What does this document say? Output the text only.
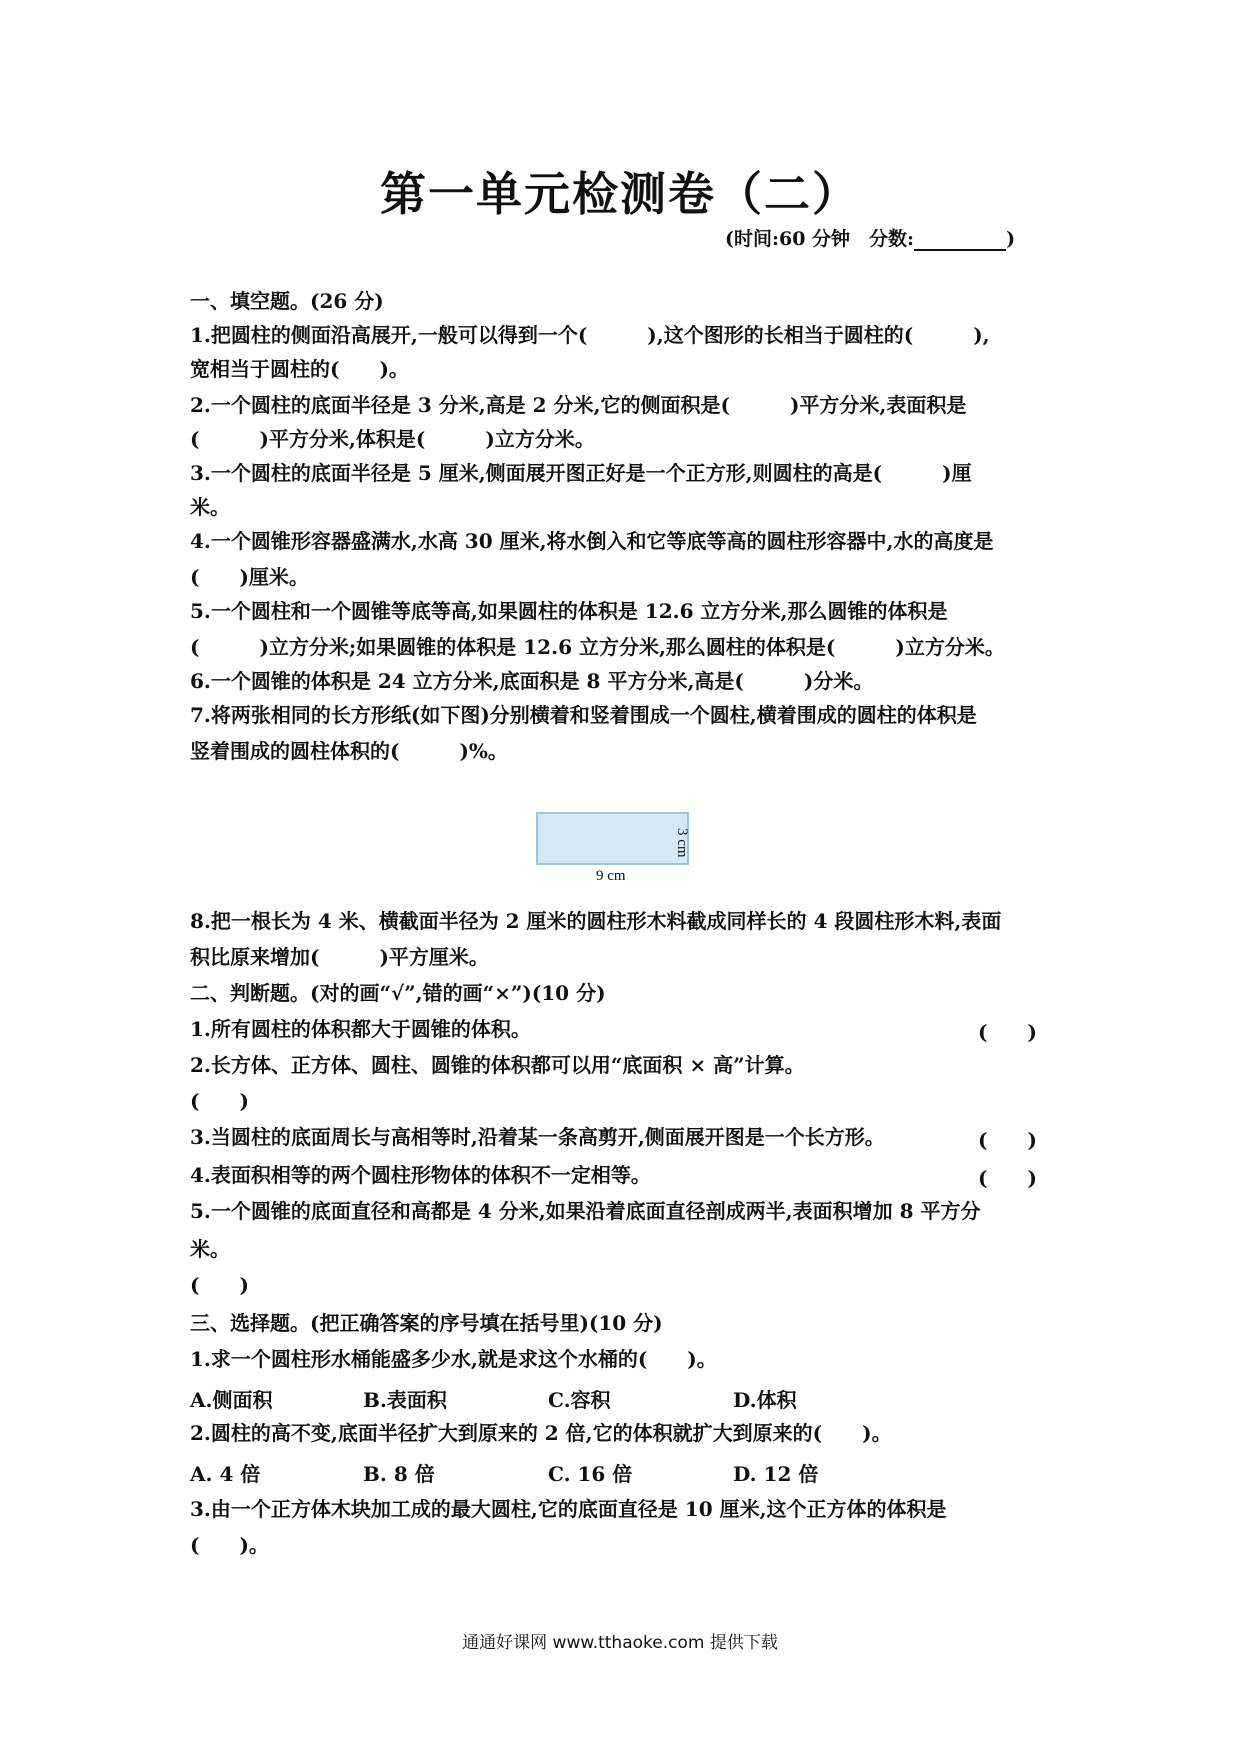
第一单元检测卷（二）
(时间:60 分钟　分数:	)
一、填空题。(26 分)
1.把圆柱的侧面沿高展开,一般可以得到一个(　　　),这个图形的长相当于圆柱的(　　　),
宽相当于圆柱的(　　)。
2.一个圆柱的底面半径是 3 分米,高是 2 分米,它的侧面积是(　　　)平方分米,表面积是
(　　　)平方分米,体积是(　　　)立方分米。
3.一个圆柱的底面半径是 5 厘米,侧面展开图正好是一个正方形,则圆柱的高是(　　　)厘
米。
4.一个圆锥形容器盛满水,水高 30 厘米,将水倒入和它等底等高的圆柱形容器中,水的高度是
(　　)厘米。
5.一个圆柱和一个圆锥等底等高,如果圆柱的体积是 12.6 立方分米,那么圆锥的体积是
(　　　)立方分米;如果圆锥的体积是 12.6 立方分米,那么圆柱的体积是(　　　)立方分米。
6.一个圆锥的体积是 24 立方分米,底面积是 8 平方分米,高是(　　　)分米。
7.将两张相同的长方形纸(如下图)分别横着和竖着围成一个圆柱,横着围成的圆柱的体积是
竖着围成的圆柱体积的(　　　)%。
9 cm
3 cm
8.把一根长为 4 米、横截面半径为 2 厘米的圆柱形木料截成同样长的 4 段圆柱形木料,表面
积比原来增加(　　　)平方厘米。
二、判断题。(对的画“√”,错的画“×”)(10 分)
1.所有圆柱的体积都大于圆锥的体积。	(　　)
2.长方体、正方体、圆柱、圆锥的体积都可以用“底面积 × 高”计算。
(　　)
3.当圆柱的底面周长与高相等时,沿着某一条高剪开,侧面展开图是一个长方形。	(　　)
4.表面积相等的两个圆柱形物体的体积不一定相等。	(　　)
5.一个圆锥的底面直径和高都是 4 分米,如果沿着底面直径剖成两半,表面积增加 8 平方分
米。
(　　)
三、选择题。(把正确答案的序号填在括号里)(10 分)
1.求一个圆柱形水桶能盛多少水,就是求这个水桶的(　　)。
A.侧面积	B.表面积	C.容积	D.体积
2.圆柱的高不变,底面半径扩大到原来的 2 倍,它的体积就扩大到原来的(　　)。
A. 4 倍	B. 8 倍	C. 16 倍	D. 12 倍
3.由一个正方体木块加工成的最大圆柱,它的底面直径是 10 厘米,这个正方体的体积是
(　　)。
通通好课网 www.tthaoke.com 提供下载
